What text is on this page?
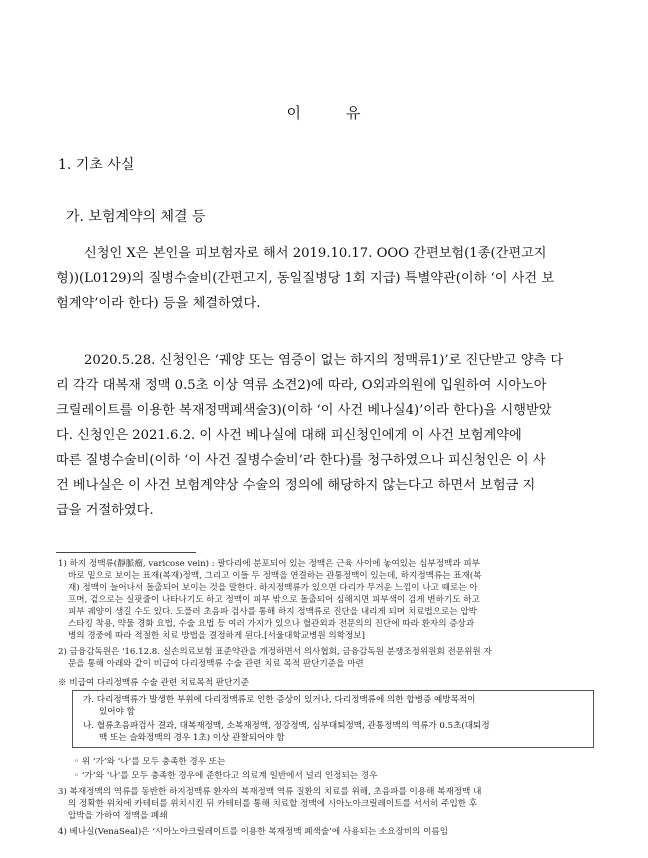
이	유
1. 기초 사실
가. 보험계약의 체결 등
신청인 X은 본인을 피보험자로 해서 2019.10.17. OOO 간편보험(1종(간편고지
형))(L0129)의 질병수술비(간편고지, 동일질병당 1회 지급) 특별약관(이하 ‘이 사건 보
험계약’이라 한다) 등을 체결하였다.
2020.5.28. 신청인은 ‘궤양 또는 염증이 없는 하지의 정맥류1)’로 진단받고 양측 다
리 각각 대복재 정맥 0.5초 이상 역류 소견2)에 따라, O외과의원에 입원하여 시아노아
크릴레이트를 이용한 복재정맥폐색술3)(이하 ‘이 사건 베나실4)’이라 한다)을 시행받았
다. 신청인은 2021.6.2. 이 사건 베나실에 대해 피신청인에게 이 사건 보험계약에
따른 질병수술비(이하 ‘이 사건 질병수술비’라 한다)를 청구하였으나 피신청인은 이 사
건 베나실은 이 사건 보험계약상 수술의 정의에 해당하지 않는다고 하면서 보험금 지
급을 거절하였다.
1) 하지 정맥류(靜脈瘤, varicose vein) : 팔다리에 분포되어 있는 정맥은 근육 사이에 놓여있는 심부정맥과 피부
바로 밑으로 보이는 표재(복재)정맥, 그리고 이들 두 정맥을 연결하는 관통정맥이 있는데, 하지정맥류는 표재(복
재) 정맥이 늘어나서 돌출되어 보이는 것을 말한다. 하지정맥류가 있으면 다리가 무거운 느낌이 나고 때로는 아
프며, 겉으로는 실핏줄이 나타나기도 하고 정맥이 피부 밖으로 돌출되어 심해지면 피부색이 검게 변하기도 하고
피부 궤양이 생길 수도 있다. 도플러 초음파 검사를 통해 하지 정맥류로 진단을 내리게 되며 치료법으로는 압박
스타킹 착용, 약물 경화 요법, 수술 요법 등 여러 가지가 있으나 혈관외과 전문의의 진단에 따라 환자의 증상과
병의 경중에 따라 적절한 치료 방법을 결정하게 된다.[서울대학교병원 의학정보]
2) 금융감독원은 '16.12.8. 실손의료보험 표준약관을 개정하면서 의사협회, 금융감독원 분쟁조정위원회 전문위원 자
문을 통해 아래와 같이 비급여 다리정맥류 수술 관련 치료 목적 판단기준을 마련
※ 비급여 다리정맥류 수술 관련 치료목적 판단기준
가. 다리정맥류가 발생한 부위에 다리정맥류로 인한 증상이 있거나, 다리정맥류에 의한 합병증 예방목적이
있어야 함
나. 혈류초음파검사 결과, 대복재정맥, 소복재정맥, 정강정맥, 심부대퇴정맥, 관통정맥의 역류가 0.5초(대퇴정
맥 또는 슬와정맥의 경우 1초) 이상 관찰되어야 함
◦ 위 ‘가’와 ‘나’를 모두 충족한 경우 또는
◦ ‘가’와 ‘나’를 모두 충족한 경우에 준한다고 의료계 일반에서 널리 인정되는 경우
3) 복재정맥의 역류를 동반한 하지정맥류 환자의 복재정맥 역류 질환의 치료를 위해, 초음파를 이용해 복재정맥 내
의 정확한 위치에 카테터를 위치시킨 뒤 카테터를 통해 치료할 정맥에 시아노아크릴레이트를 서서히 주입한 후
압박을 가하여 정맥을 폐쇄
4) 베나실(VenaSeal)은 ‘시아노아크릴레이트를 이용한 복재정맥 폐색술’에 사용되는 소요장비의 이름임
